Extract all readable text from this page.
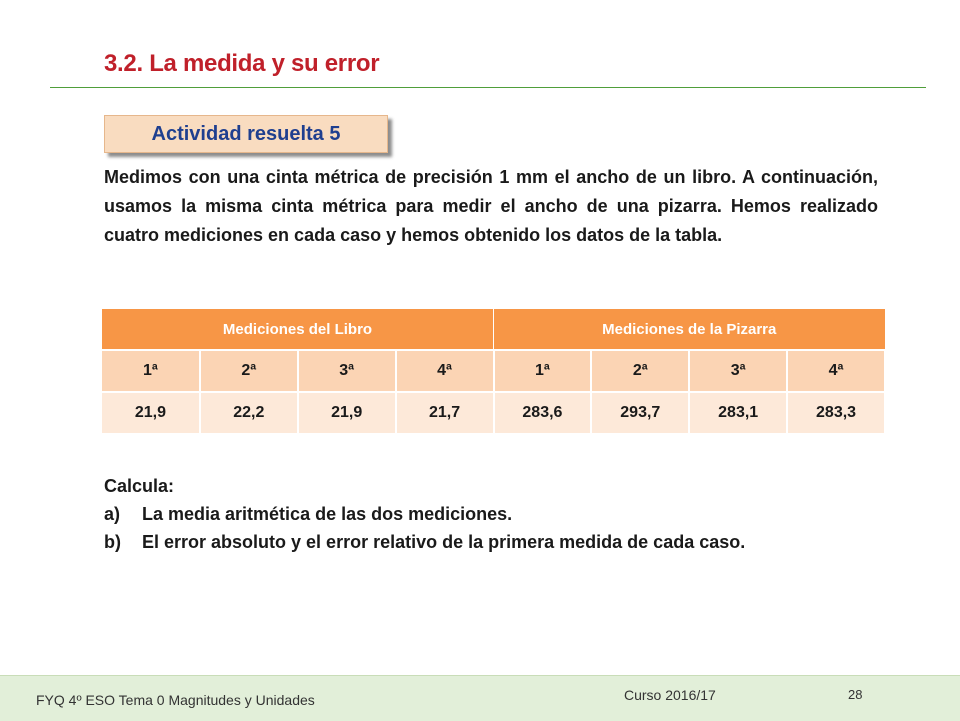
3.2. La medida y su error
Actividad resuelta 5
Medimos con una cinta métrica de precisión 1 mm el ancho de un libro. A continuación, usamos la misma cinta métrica para medir el ancho de una pizarra. Hemos realizado cuatro mediciones en cada caso y hemos obtenido los datos de la tabla.
Mediciones del Libro				Mediciones de la Pizarra			
1ª	2ª	3ª	4ª	1ª	2ª	3ª	4ª
21,9	22,2	21,9	21,7	283,6	293,7	283,1	283,3
Calcula:
a)	La media aritmética de las dos mediciones.
b)	El error absoluto y el error relativo de la primera medida de cada caso.
FYQ 4º ESO Tema 0 Magnitudes y Unidades	Curso 2016/17	28
